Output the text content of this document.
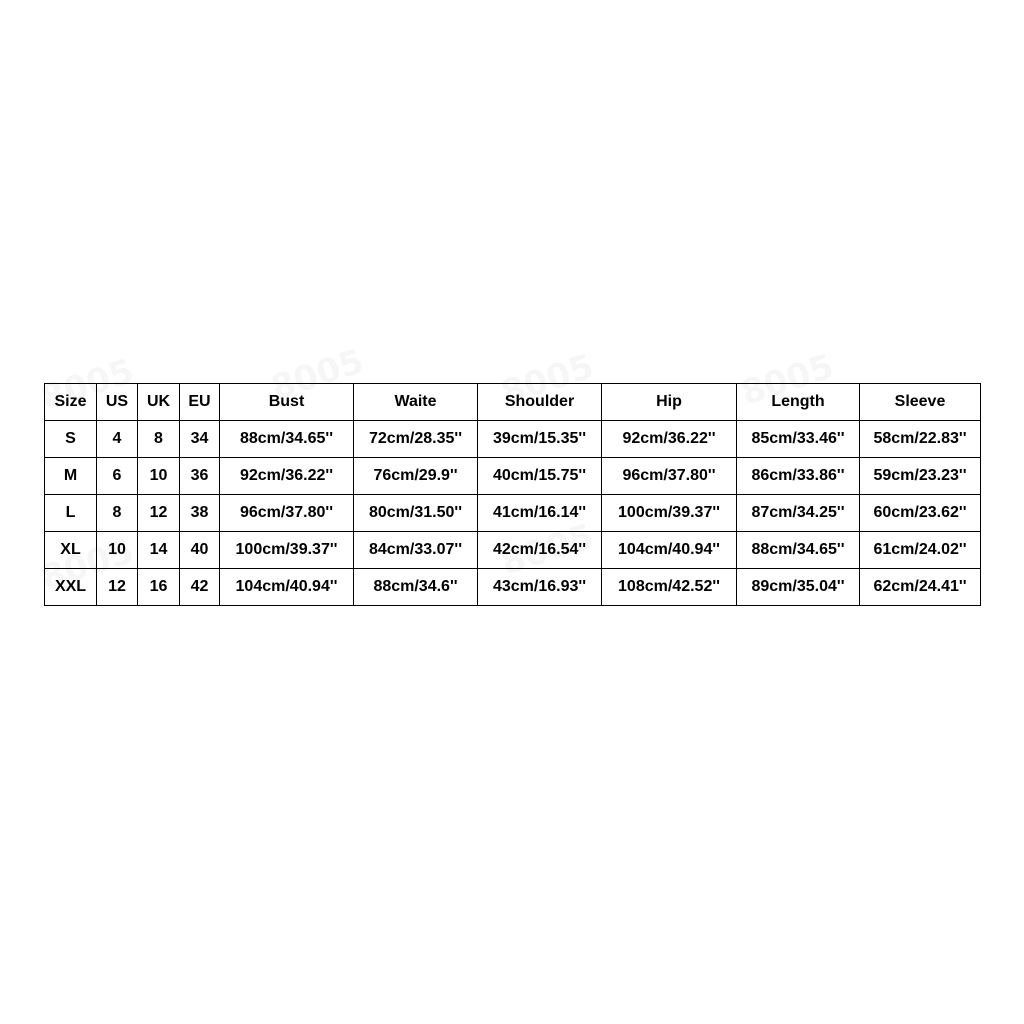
Size	US	UK	EU	Bust	Waite	Shoulder	Hip	Length	Sleeve
S	4	8	34	88cm/34.65''	72cm/28.35''	39cm/15.35''	92cm/36.22''	85cm/33.46''	58cm/22.83''
M	6	10	36	92cm/36.22''	76cm/29.9''	40cm/15.75''	96cm/37.80''	86cm/33.86''	59cm/23.23''
L	8	12	38	96cm/37.80''	80cm/31.50''	41cm/16.14''	100cm/39.37''	87cm/34.25''	60cm/23.62''
XL	10	14	40	100cm/39.37''	84cm/33.07''	42cm/16.54''	104cm/40.94''	88cm/34.65''	61cm/24.02''
XXL	12	16	42	104cm/40.94''	88cm/34.6''	43cm/16.93''	108cm/42.52''	89cm/35.04''	62cm/24.41''
